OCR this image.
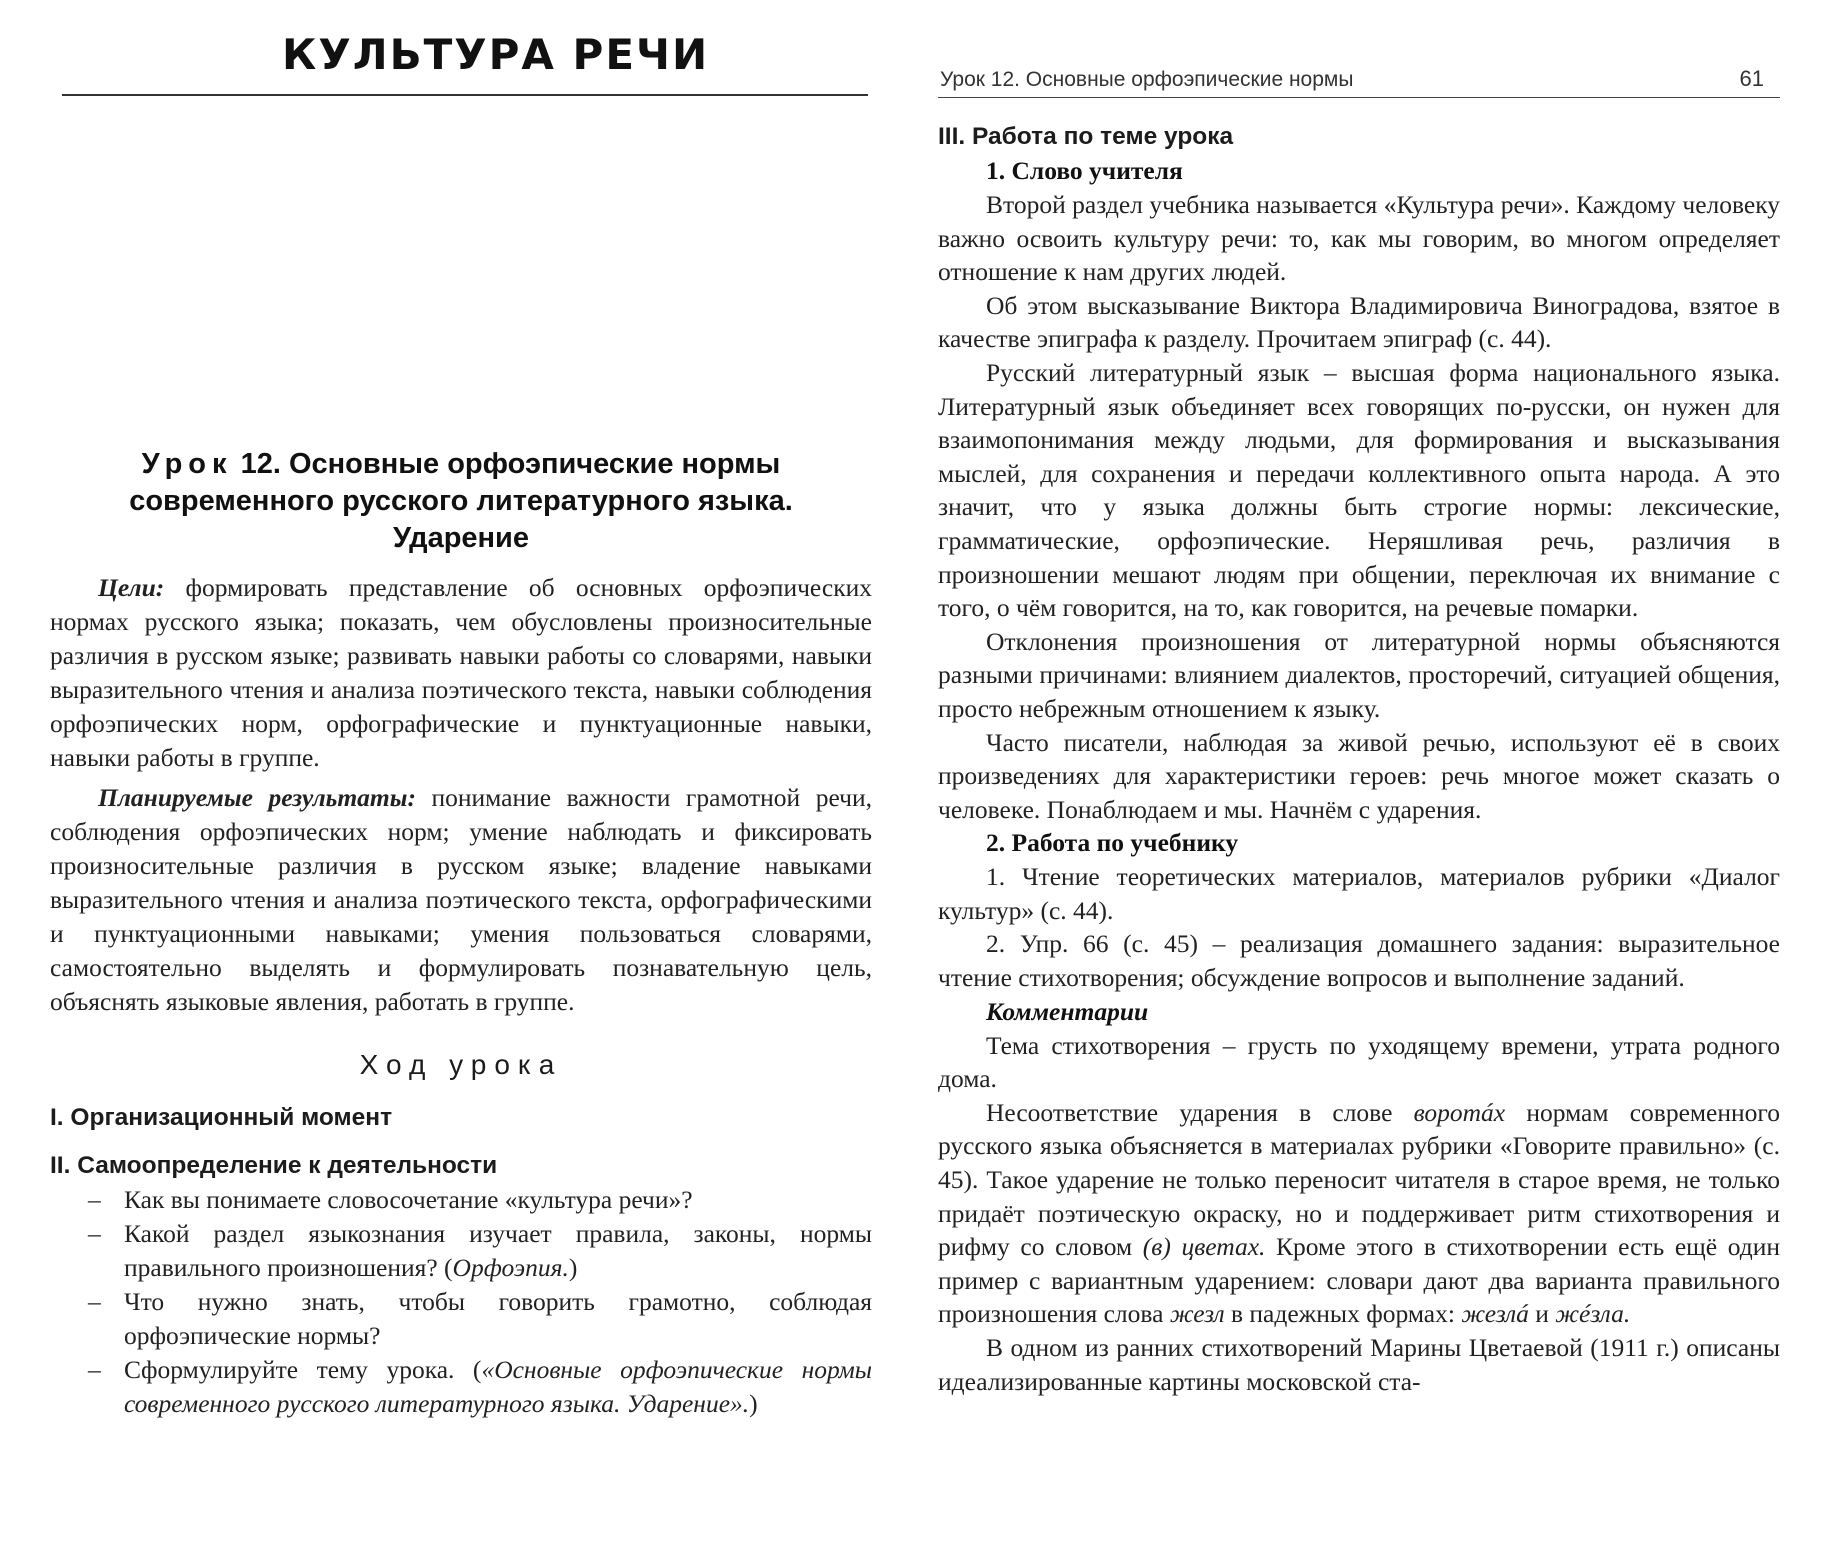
КУЛЬТУРА РЕЧИ
Урок 12. Основные орфоэпические нормы
современного русского литературного языка.
Ударение

Цели: формировать представление об основных орфоэпических нормах русского языка; показать, чем обусловлены произносительные различия в русском языке; развивать навыки работы со словарями, навыки выразительного чтения и анализа поэтического текста, навыки соблюдения орфоэпических норм, орфографические и пунктуационные навыки, навыки работы в группе.

Планируемые результаты: понимание важности грамотной речи, соблюдения орфоэпических норм; умение наблюдать и фиксировать произносительные различия в русском языке; владение навыками выразительного чтения и анализа поэтического текста, орфографическими и пунктуационными навыками; умения пользоваться словарями, самостоятельно выделять и формулировать познавательную цель, объяснять языковые явления, работать в группе.

Ход урока
I. Организационный момент
II. Самоопределение к деятельности
– Как вы понимаете словосочетание «культура речи»?
– Какой раздел языкознания изучает правила, законы, нормы правильного произношения? (Орфоэпия.)
– Что нужно знать, чтобы говорить грамотно, соблюдая орфоэпические нормы?
– Сформулируйте тему урока. («Основные орфоэпические нормы современного русского литературного языка. Ударение».)
Урок 12. Основные орфоэпические нормы	61
III. Работа по теме урока
1. Слово учителя

Второй раздел учебника называется «Культура речи». Каждому человеку важно освоить культуру речи: то, как мы говорим, во многом определяет отношение к нам других людей.

Об этом высказывание Виктора Владимировича Виноградова, взятое в качестве эпиграфа к разделу. Прочитаем эпиграф (с. 44).

Русский литературный язык – высшая форма национального языка. Литературный язык объединяет всех говорящих по-русски, он нужен для взаимопонимания между людьми, для формирования и высказывания мыслей, для сохранения и передачи коллективного опыта народа. А это значит, что у языка должны быть строгие нормы: лексические, грамматические, орфоэпические. Неряшливая речь, различия в произношении мешают людям при общении, переключая их внимание с того, о чём говорится, на то, как говорится, на речевые помарки.

Отклонения произношения от литературной нормы объясняются разными причинами: влиянием диалектов, просторечий, ситуацией общения, просто небрежным отношением к языку.

Часто писатели, наблюдая за живой речью, используют её в своих произведениях для характеристики героев: речь многое может сказать о человеке. Понаблюдаем и мы. Начнём с ударения.

2. Работа по учебнику

1. Чтение теоретических материалов, материалов рубрики «Диалог культур» (с. 44).

2. Упр. 66 (с. 45) – реализация домашнего задания: выразительное чтение стихотворения; обсуждение вопросов и выполнение заданий.

Комментарии

Тема стихотворения – грусть по уходящему времени, утрата родного дома.

Несоответствие ударения в слове воротáх нормам современного русского языка объясняется в материалах рубрики «Говорите правильно» (с. 45). Такое ударение не только переносит читателя в старое время, не только придаёт поэтическую окраску, но и поддерживает ритм стихотворения и рифму со словом (в) цветах. Кроме этого в стихотворении есть ещё один пример с вариантным ударением: словари дают два варианта правильного произношения слова жезл в падежных формах: жезлá и жéзла.

В одном из ранних стихотворений Марины Цветаевой (1911 г.) описаны идеализированные картины московской ста-
